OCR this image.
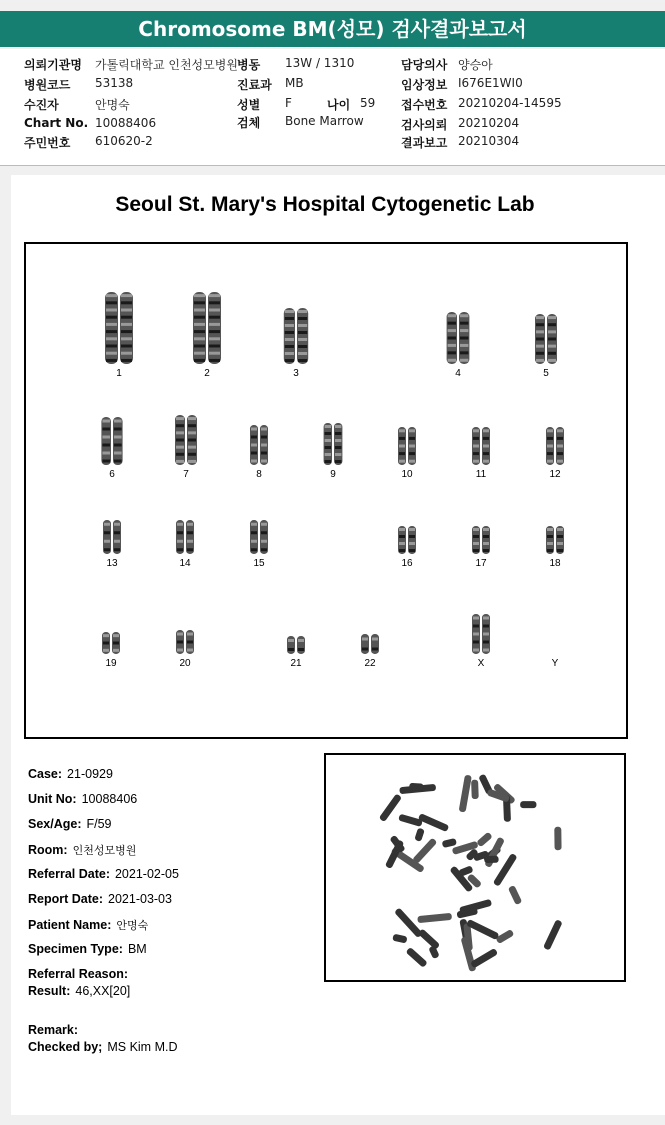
Chromosome BM(성모) 검사결과보고서
의뢰기관명 가톨릭대학교 인천성모병원 병동 13W / 1310	담당의사 양승아
병원코드 53138	진료과 MB	임상정보 I676E1WI0
수진자	안명숙	성별 F	나이 59 접수번호 20210204-14595
Chart No. 10088406	검체 Bone Marrow	검사의뢰 20210204
주민번호 610620-2	결과보고 20210304
Seoul St. Mary's Hospital Cytogenetic Lab
1	2	3	4	5
6	7	8	9	10	11	12
13	14	15	16	17	18
19	20	21	22	X	Y
Case: 21-0929
Unit No: 10088406
Sex/Age: F/59
Room: 인천성모병원
Referral Date: 2021-02-05
Report Date: 2021-03-03
Patient Name: 안명숙
Specimen Type: BM
Referral Reason:
Result: 46,XX[20]
Remark:
Checked by; MS Kim M.D
